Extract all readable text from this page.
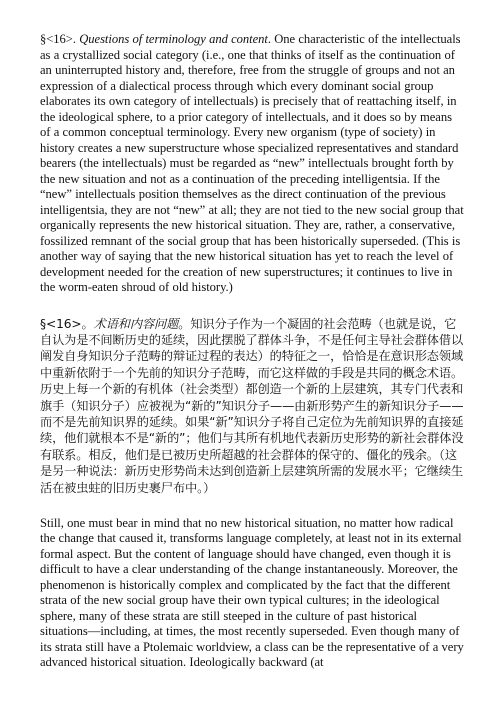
§<16>. Questions of terminology and content. One characteristic of the intellectuals as a crystallized social category (i.e., one that thinks of itself as the continuation of an uninterrupted history and, therefore, free from the struggle of groups and not an expression of a dialectical process through which every dominant social group elaborates its own category of intellectuals) is precisely that of reattaching itself, in the ideological sphere, to a prior category of intellectuals, and it does so by means of a common conceptual terminology. Every new organism (type of society) in history creates a new superstructure whose specialized representatives and standard bearers (the intellectuals) must be regarded as “new” intellectuals brought forth by the new situation and not as a continuation of the preceding intelligentsia. If the “new” intellectuals position themselves as the direct continuation of the previous intelligentsia, they are not “new” at all; they are not tied to the new social group that organically represents the new historical situation. They are, rather, a conservative, fossilized remnant of the social group that has been historically superseded. (This is another way of saying that the new historical situation has yet to reach the level of development needed for the creation of new superstructures; it continues to live in the worm-eaten shroud of old history.)

§<16>。术语和内容问题。知识分子作为一个凝固的社会范畴（也就是说，它自认为是不间断历史的延续，因此摆脱了群体斗争，不是任何主导社会群体借以阐发自身知识分子范畴的辩证过程的表达）的特征之一，恰恰是在意识形态领域中重新依附于一个先前的知识分子范畴，而它这样做的手段是共同的概念术语。历史上每一个新的有机体（社会类型）都创造一个新的上层建筑，其专门代表和旗手（知识分子）应被视为“新的”知识分子——由新形势产生的新知识分子——而不是先前知识界的延续。如果“新”知识分子将自己定位为先前知识界的直接延续，他们就根本不是“新的”；他们与其所有机地代表新历史形势的新社会群体没有联系。相反，他们是已被历史所超越的社会群体的保守的、僵化的残余。（这是另一种说法：新历史形势尚未达到创造新上层建筑所需的发展水平；它继续生活在被虫蛀的旧历史裹尸布中。）

Still, one must bear in mind that no new historical situation, no matter how radical the change that caused it, transforms language completely, at least not in its external formal aspect. But the content of language should have changed, even though it is difficult to have a clear understanding of the change instantaneously. Moreover, the phenomenon is historically complex and complicated by the fact that the different strata of the new social group have their own typical cultures; in the ideological sphere, many of these strata are still steeped in the culture of past historical situations—including, at times, the most recently superseded. Even though many of its strata still have a Ptolemaic worldview, a class can be the representative of a very advanced historical situation. Ideologically backward (at
